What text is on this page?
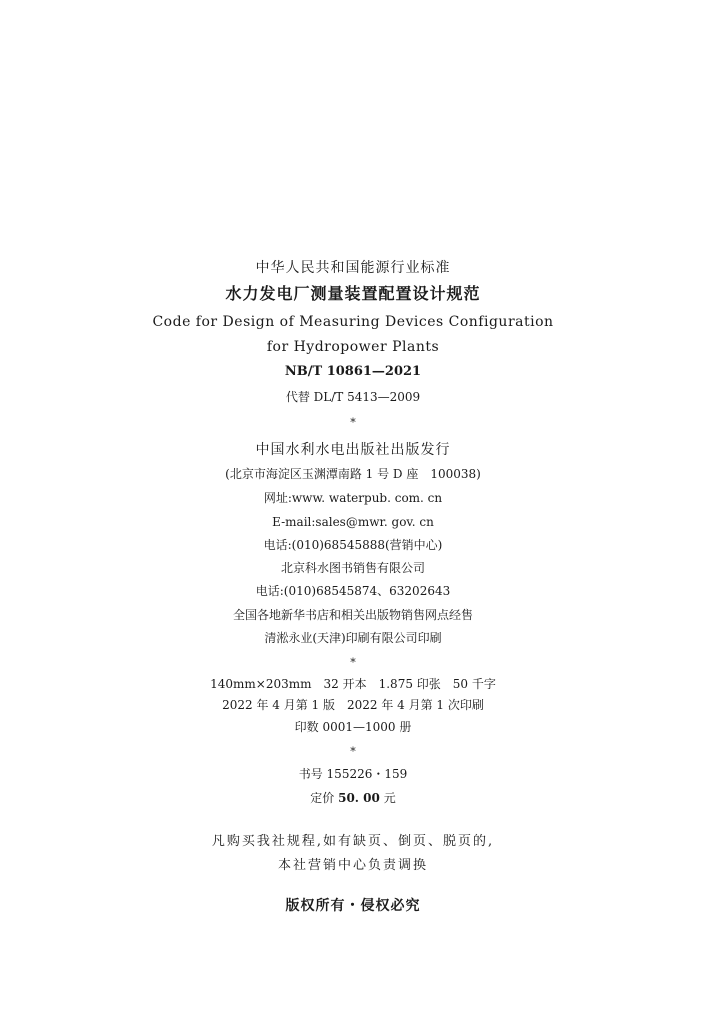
中华人民共和国能源行业标准
水力发电厂测量装置配置设计规范
Code for Design of Measuring Devices Configuration
for Hydropower Plants
NB/T 10861—2021
代替 DL/T 5413—2009
*
中国水利水电出版社出版发行
(北京市海淀区玉渊潭南路 1 号 D 座　100038)
网址:www. waterpub. com. cn
E-mail:sales@mwr. gov. cn
电话:(010)68545888(营销中心)
北京科水图书销售有限公司
电话:(010)68545874、63202643
全国各地新华书店和相关出版物销售网点经售
清淞永业(天津)印刷有限公司印刷
*
140mm×203mm　32 开本　1.875 印张　50 千字
2022 年 4 月第 1 版　2022 年 4 月第 1 次印刷
印数 0001—1000 册
*
书号 155226・159
定价 50. 00 元
凡购买我社规程,如有缺页、倒页、脱页的,
本社营销中心负责调换
版权所有・侵权必究
